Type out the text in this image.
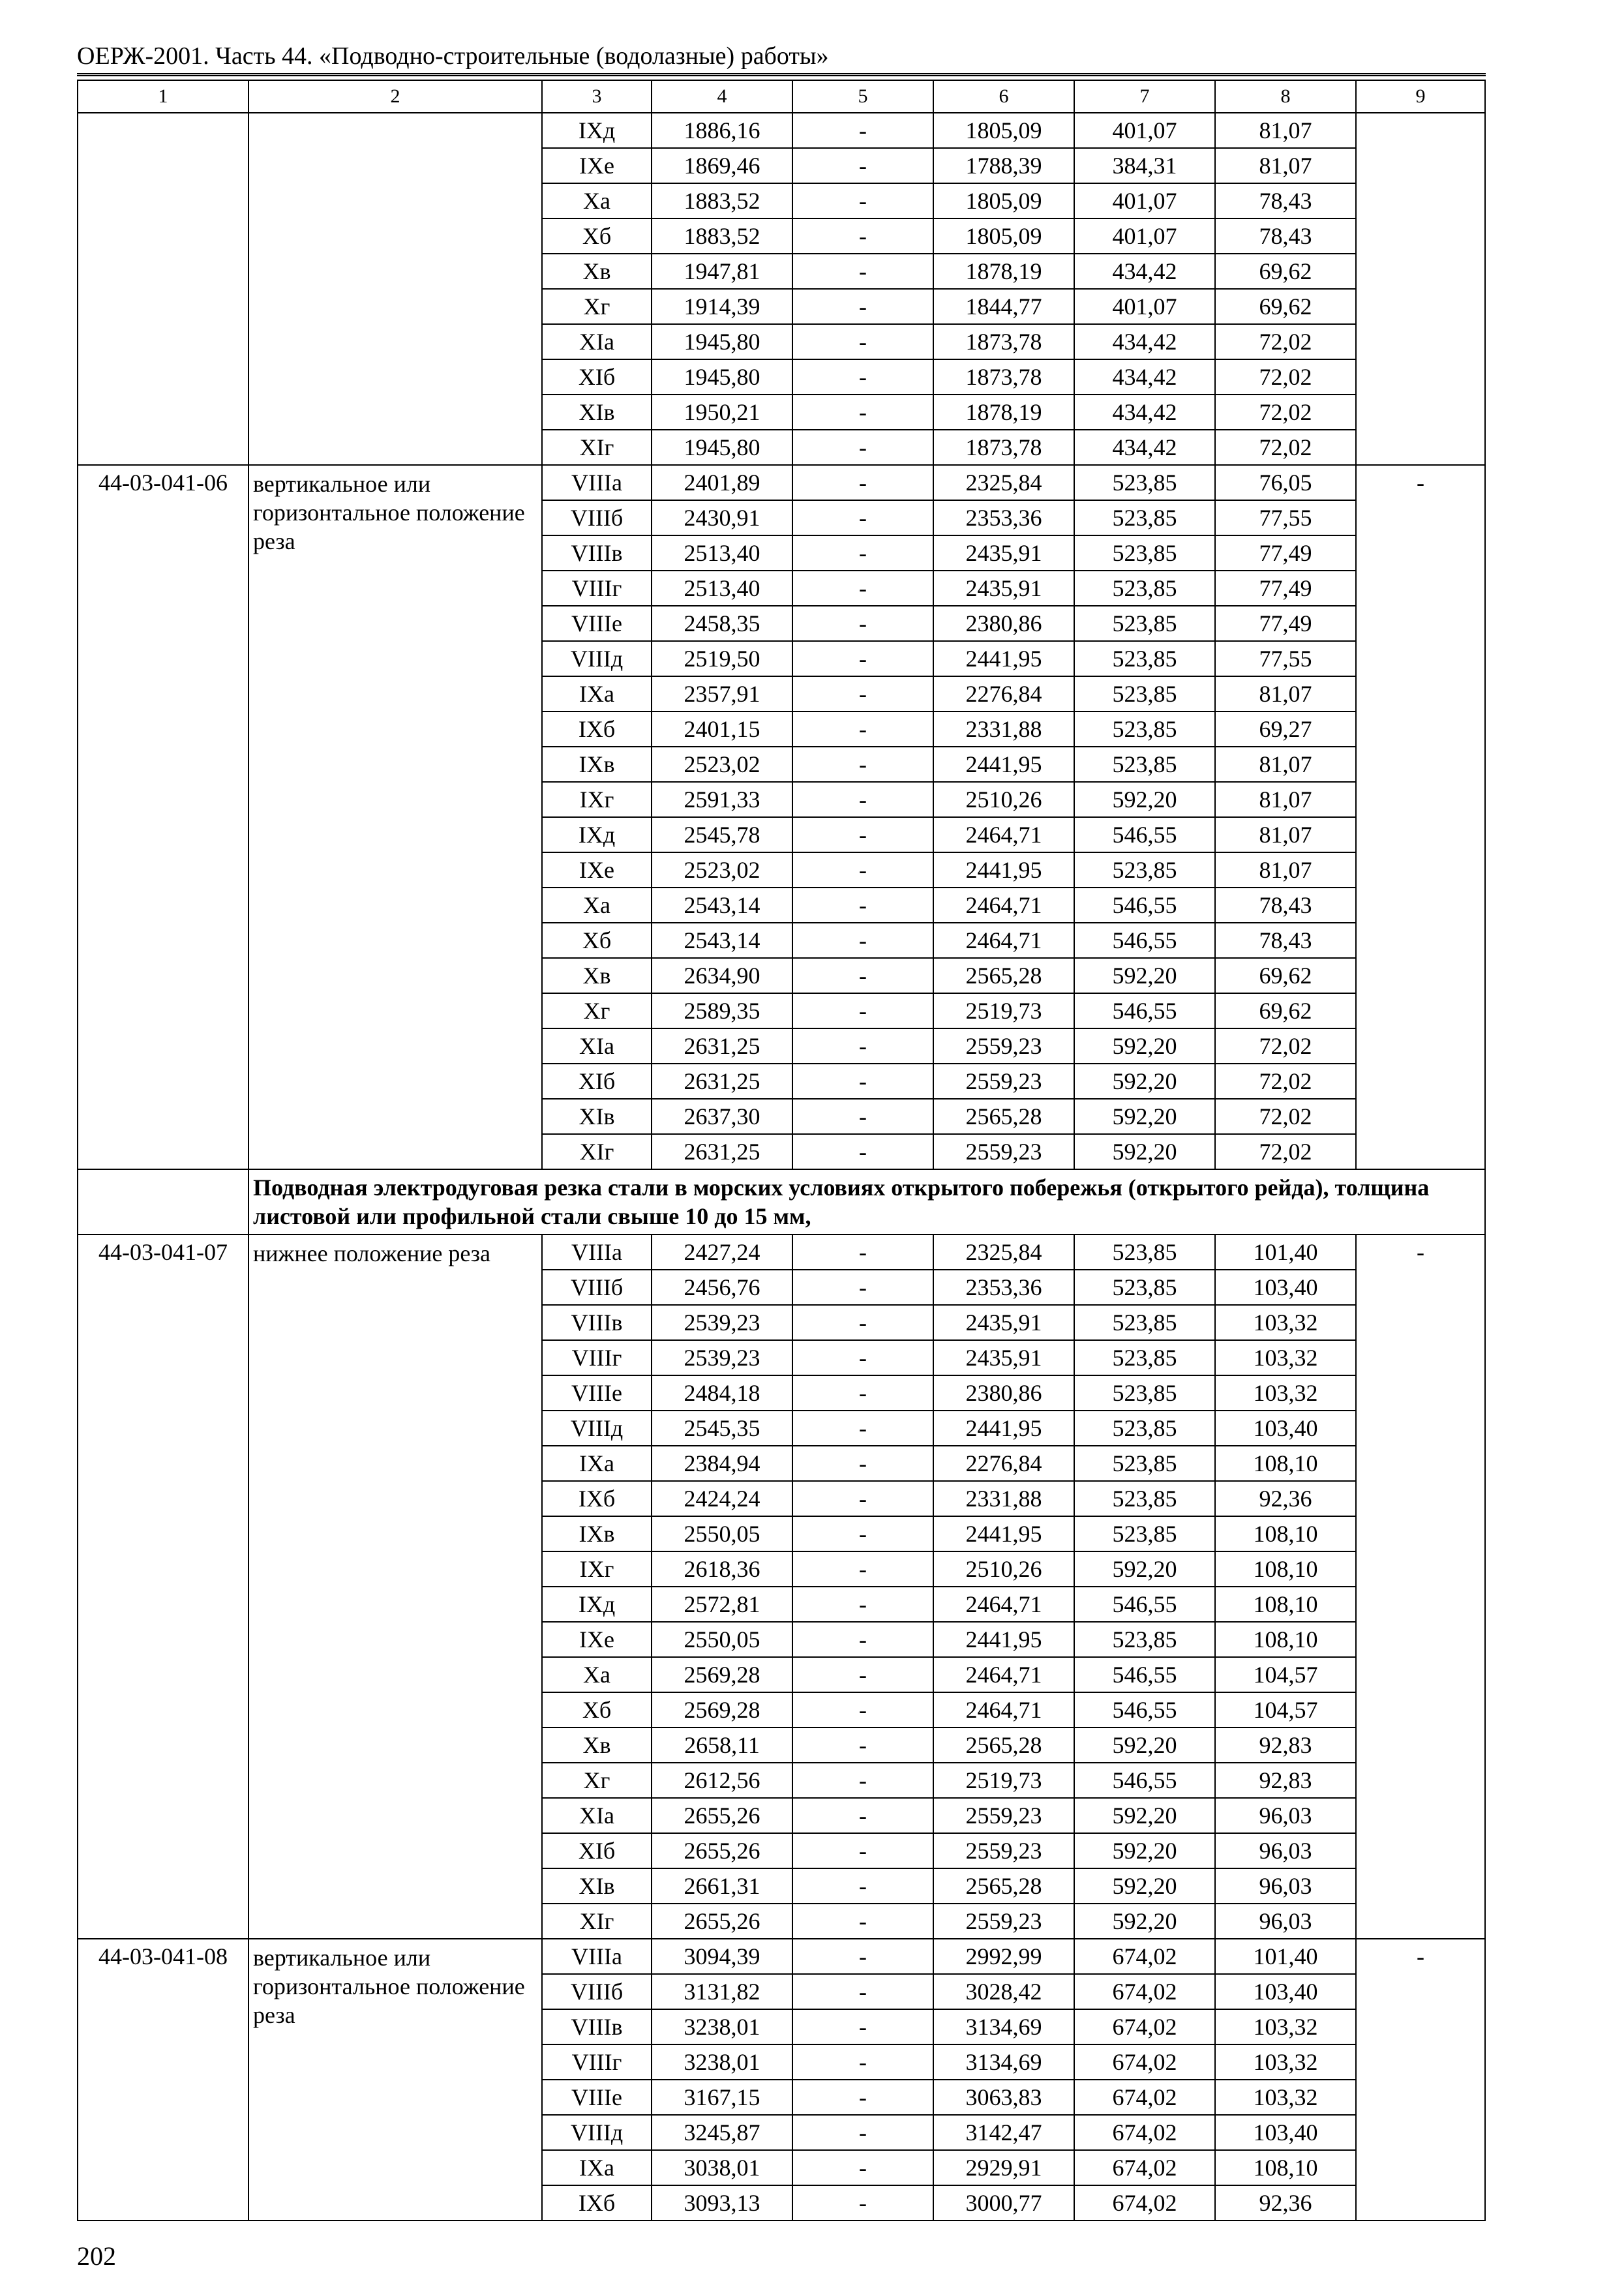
ОЕРЖ-2001. Часть 44. «Подводно-строительные (водолазные) работы»
1	2	3	4	5	6	7	8	9
		IXд	1886,16	-	1805,09	401,07	81,07	
		IXе	1869,46	-	1788,39	384,31	81,07	
		Xа	1883,52	-	1805,09	401,07	78,43	
		Xб	1883,52	-	1805,09	401,07	78,43	
		Xв	1947,81	-	1878,19	434,42	69,62	
		Xг	1914,39	-	1844,77	401,07	69,62	
		XIа	1945,80	-	1873,78	434,42	72,02	
		XIб	1945,80	-	1873,78	434,42	72,02	
		XIв	1950,21	-	1878,19	434,42	72,02	
		XIг	1945,80	-	1873,78	434,42	72,02	
44-03-041-06	вертикальное или горизонтальное положение реза	VIIIа	2401,89	-	2325,84	523,85	76,05	-
		VIIIб	2430,91	-	2353,36	523,85	77,55	
		VIIIв	2513,40	-	2435,91	523,85	77,49	
		VIIIг	2513,40	-	2435,91	523,85	77,49	
		VIIIе	2458,35	-	2380,86	523,85	77,49	
		VIIIд	2519,50	-	2441,95	523,85	77,55	
		IXа	2357,91	-	2276,84	523,85	81,07	
		IXб	2401,15	-	2331,88	523,85	69,27	
		IXв	2523,02	-	2441,95	523,85	81,07	
		IXг	2591,33	-	2510,26	592,20	81,07	
		IXд	2545,78	-	2464,71	546,55	81,07	
		IXе	2523,02	-	2441,95	523,85	81,07	
		Xа	2543,14	-	2464,71	546,55	78,43	
		Xб	2543,14	-	2464,71	546,55	78,43	
		Xв	2634,90	-	2565,28	592,20	69,62	
		Xг	2589,35	-	2519,73	546,55	69,62	
		XIа	2631,25	-	2559,23	592,20	72,02	
		XIб	2631,25	-	2559,23	592,20	72,02	
		XIв	2637,30	-	2565,28	592,20	72,02	
		XIг	2631,25	-	2559,23	592,20	72,02	
	Подводная электродуговая резка стали в морских условиях открытого побережья (открытого рейда), толщина листовой или профильной стали свыше 10 до 15 мм,							
44-03-041-07	нижнее положение реза	VIIIа	2427,24	-	2325,84	523,85	101,40	-
		VIIIб	2456,76	-	2353,36	523,85	103,40	
		VIIIв	2539,23	-	2435,91	523,85	103,32	
		VIIIг	2539,23	-	2435,91	523,85	103,32	
		VIIIе	2484,18	-	2380,86	523,85	103,32	
		VIIIд	2545,35	-	2441,95	523,85	103,40	
		IXа	2384,94	-	2276,84	523,85	108,10	
		IXб	2424,24	-	2331,88	523,85	92,36	
		IXв	2550,05	-	2441,95	523,85	108,10	
		IXг	2618,36	-	2510,26	592,20	108,10	
		IXд	2572,81	-	2464,71	546,55	108,10	
		IXе	2550,05	-	2441,95	523,85	108,10	
		Xа	2569,28	-	2464,71	546,55	104,57	
		Xб	2569,28	-	2464,71	546,55	104,57	
		Xв	2658,11	-	2565,28	592,20	92,83	
		Xг	2612,56	-	2519,73	546,55	92,83	
		XIа	2655,26	-	2559,23	592,20	96,03	
		XIб	2655,26	-	2559,23	592,20	96,03	
		XIв	2661,31	-	2565,28	592,20	96,03	
		XIг	2655,26	-	2559,23	592,20	96,03	
44-03-041-08	вертикальное или горизонтальное положение реза	VIIIа	3094,39	-	2992,99	674,02	101,40	-
		VIIIб	3131,82	-	3028,42	674,02	103,40	
		VIIIв	3238,01	-	3134,69	674,02	103,32	
		VIIIг	3238,01	-	3134,69	674,02	103,32	
		VIIIе	3167,15	-	3063,83	674,02	103,32	
		VIIIд	3245,87	-	3142,47	674,02	103,40	
		IXа	3038,01	-	2929,91	674,02	108,10	
		IXб	3093,13	-	3000,77	674,02	92,36	
202
